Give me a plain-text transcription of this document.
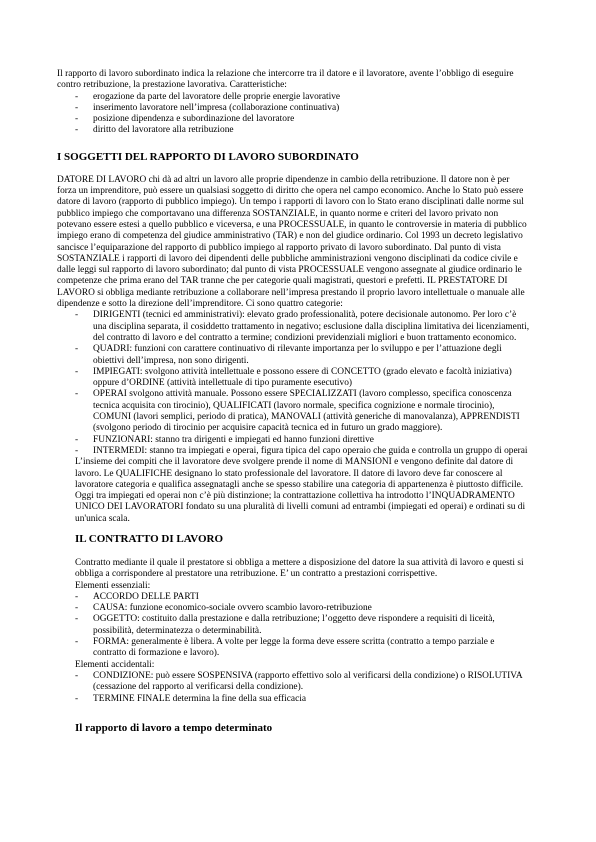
Il rapporto di lavoro subordinato indica la relazione che intercorre tra il datore e il lavoratore, avente l’obbligo di eseguire contro retribuzione, la prestazione lavorativa. Caratteristiche:

-	erogazione da parte del lavoratore delle proprie energie lavorative
-	inserimento lavoratore nell’impresa (collaborazione continuativa)
-	posizione dipendenza e subordinazione del lavoratore
-	diritto del lavoratore alla retribuzione
I SOGGETTI DEL RAPPORTO DI LAVORO SUBORDINATO

DATORE DI LAVORO chi dà ad altri un lavoro alle proprie dipendenze in cambio della retribuzione. Il datore non è per forza un imprenditore, può essere un qualsiasi soggetto di diritto che opera nel campo economico. Anche lo Stato può essere datore di lavoro (rapporto di pubblico impiego). Un tempo i rapporti di lavoro con lo Stato erano disciplinati dalle norme sul pubblico impiego che comportavano una differenza SOSTANZIALE, in quanto norme e criteri del lavoro privato non potevano essere estesi a quello pubblico e viceversa, e una PROCESSUALE, in quanto le controversie in materia di pubblico impiego erano di competenza del giudice amministrativo (TAR) e non del giudice ordinario. Col 1993 un decreto legislativo sancisce l’equiparazione del rapporto di pubblico impiego al rapporto privato di lavoro subordinato. Dal punto di vista SOSTANZIALE i rapporti di lavoro dei dipendenti delle pubbliche amministrazioni vengono disciplinati da codice civile e dalle leggi sul rapporto di lavoro subordinato; dal punto di vista PROCESSUALE vengono assegnate al giudice ordinario le competenze che prima erano del TAR tranne che per categorie quali magistrati, questori e prefetti. IL PRESTATORE DI LAVORO si obbliga mediante retribuzione a collaborare nell’impresa prestando il proprio lavoro intellettuale o manuale alle dipendenze e sotto la direzione dell’imprenditore. Ci sono quattro categorie:

-	DIRIGENTI (tecnici ed amministrativi): elevato grado professionalità, potere decisionale autonomo. Per loro c’è una disciplina separata, il cosiddetto trattamento in negativo; esclusione dalla disciplina limitativa dei licenziamenti, del contratto di lavoro e del contratto a termine; condizioni previdenziali migliori e buon trattamento economico.
-	QUADRI: funzioni con carattere continuativo di rilevante importanza per lo sviluppo e per l’attuazione degli obiettivi dell’impresa, non sono dirigenti.
-	IMPIEGATI: svolgono attività intellettuale e possono essere di CONCETTO (grado elevato e facoltà iniziativa) oppure d’ORDINE (attività intellettuale di tipo puramente esecutivo)
-	OPERAI svolgono attività manuale. Possono essere SPECIALIZZATI (lavoro complesso, specifica conoscenza tecnica acquisita con tirocinio), QUALIFICATI (lavoro normale, specifica cognizione e normale tirocinio), COMUNI (lavori semplici, periodo di pratica), MANOVALI (attività generiche di manovalanza), APPRENDISTI (svolgono periodo di tirocinio per acquisire capacità tecnica ed in futuro un grado maggiore).
-	FUNZIONARI: stanno tra dirigenti e impiegati ed hanno funzioni direttive
-	INTERMEDI: stanno tra impiegati e operai, figura tipica del capo operaio che guida e controlla un gruppo di operai

L’insieme dei compiti che il lavoratore deve svolgere prende il nome di MANSIONI e vengono definite dal datore di lavoro. Le QUALIFICHE designano lo stato professionale del lavoratore. Il datore di lavoro deve far conoscere al lavoratore categoria e qualifica assegnatagli anche se spesso stabilire una categoria di appartenenza è piuttosto difficile. Oggi tra impiegati ed operai non c’è più distinzione; la contrattazione collettiva ha introdotto l’INQUADRAMENTO UNICO DEI LAVORATORI fondato su una pluralità di livelli comuni ad entrambi (impiegati ed operai) e ordinati su di un'unica scala.

IL CONTRATTO DI LAVORO

Contratto mediante il quale il prestatore si obbliga a mettere a disposizione del datore la sua attività di lavoro e questi si obbliga a corrispondere al prestatore una retribuzione. E’ un contratto a prestazioni corrispettive.

Elementi essenziali:

-	ACCORDO DELLE PARTI
-	CAUSA: funzione economico-sociale ovvero scambio lavoro-retribuzione
-	OGGETTO: costituito dalla prestazione e dalla retribuzione; l’oggetto deve rispondere a requisiti di liceità, possibilità, determinatezza o determinabilità.
-	FORMA: generalmente è libera. A volte per legge la forma deve essere scritta (contratto a tempo parziale e contratto di formazione e lavoro).

Elementi accidentali:

-	CONDIZIONE: può essere SOSPENSIVA (rapporto effettivo solo al verificarsi della condizione) o RISOLUTIVA (cessazione del rapporto al verificarsi della condizione).
-	TERMINE FINALE determina la fine della sua efficacia
Il rapporto di lavoro a tempo determinato
